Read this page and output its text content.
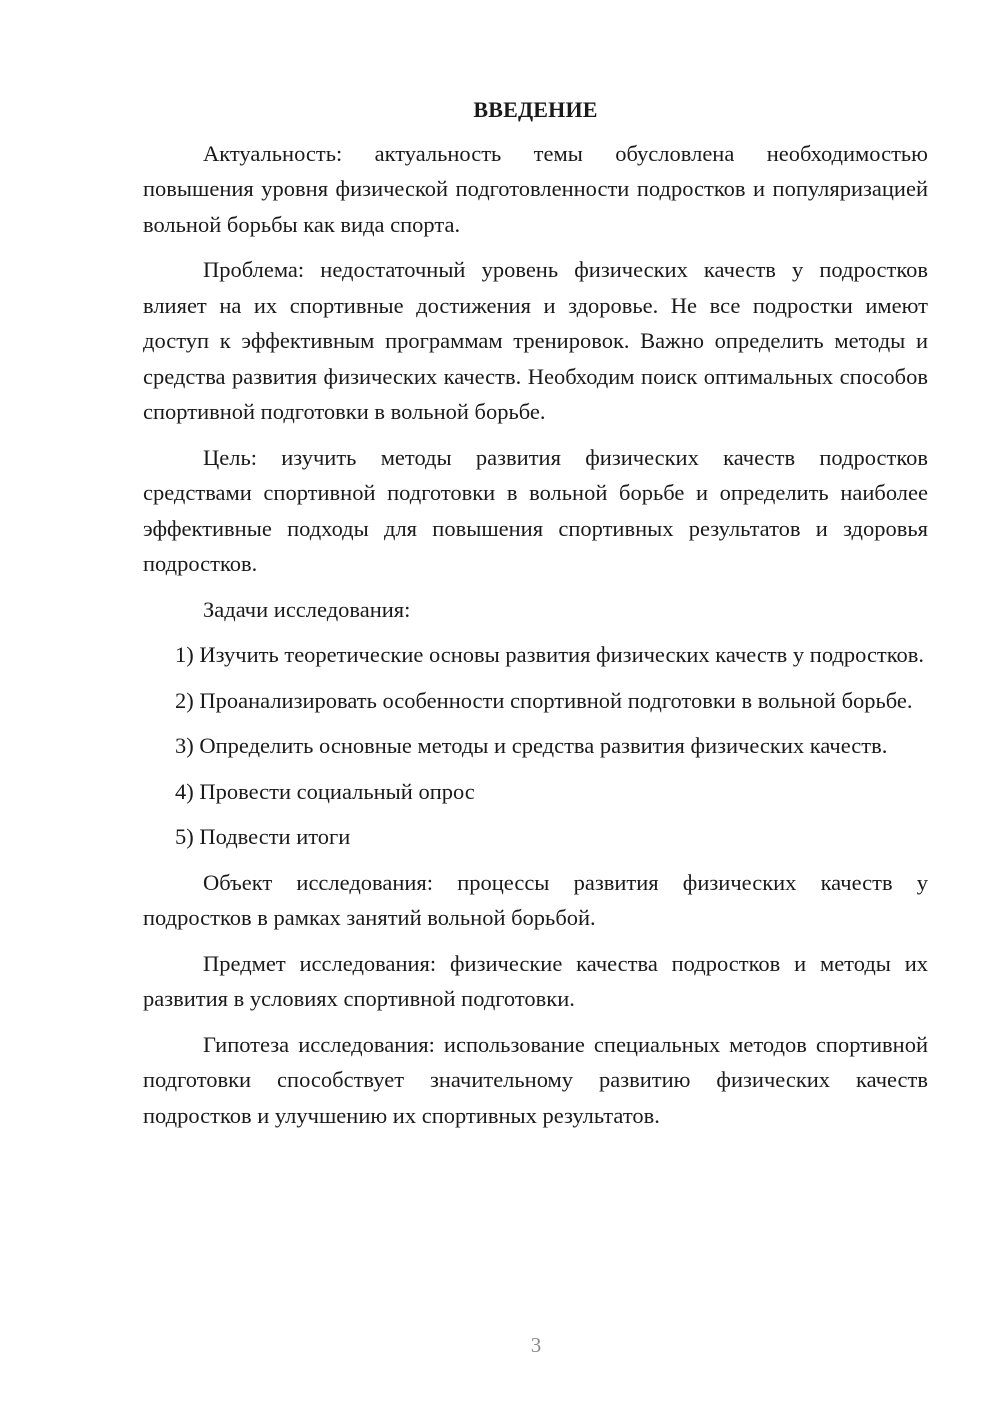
ВВЕДЕНИЕ

Актуальность: актуальность темы обусловлена необходимостью повышения уровня физической подготовленности подростков и популяризацией вольной борьбы как вида спорта.

Проблема: недостаточный уровень физических качеств у подростков влияет на их спортивные достижения и здоровье. Не все подростки имеют доступ к эффективным программам тренировок. Важно определить методы и средства развития физических качеств. Необходим поиск оптимальных способов спортивной подготовки в вольной борьбе.

Цель: изучить методы развития физических качеств подростков средствами спортивной подготовки в вольной борьбе и определить наиболее эффективные подходы для повышения спортивных результатов и здоровья подростков.

Задачи исследования:

1) Изучить теоретические основы развития физических качеств у подростков.

2) Проанализировать особенности спортивной подготовки в вольной борьбе.

3) Определить основные методы и средства развития физических качеств.

4) Провести социальный опрос

5) Подвести итоги

Объект исследования: процессы развития физических качеств у подростков в рамках занятий вольной борьбой.

Предмет исследования: физические качества подростков и методы их развития в условиях спортивной подготовки.

Гипотеза исследования: использование специальных методов спортивной подготовки способствует значительному развитию физических качеств подростков и улучшению их спортивных результатов.

3
